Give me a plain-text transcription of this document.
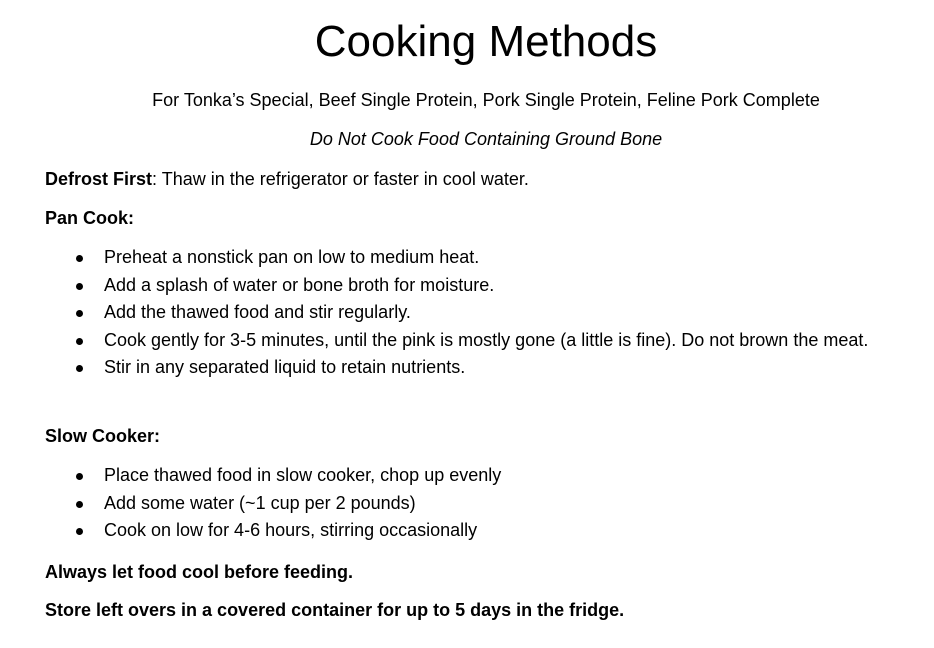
Cooking Methods

For Tonka’s Special, Beef Single Protein, Pork Single Protein, Feline Pork Complete

Do Not Cook Food Containing Ground Bone

Defrost First: Thaw in the refrigerator or faster in cool water.

Pan Cook:

Preheat a nonstick pan on low to medium heat.
Add a splash of water or bone broth for moisture.
Add the thawed food and stir regularly.
Cook gently for 3-5 minutes, until the pink is mostly gone (a little is fine). Do not brown the meat.
Stir in any separated liquid to retain nutrients.

Slow Cooker:

Place thawed food in slow cooker, chop up evenly
Add some water (~1 cup per 2 pounds)
Cook on low for 4-6 hours, stirring occasionally

Always let food cool before feeding.

Store left overs in a covered container for up to 5 days in the fridge.
